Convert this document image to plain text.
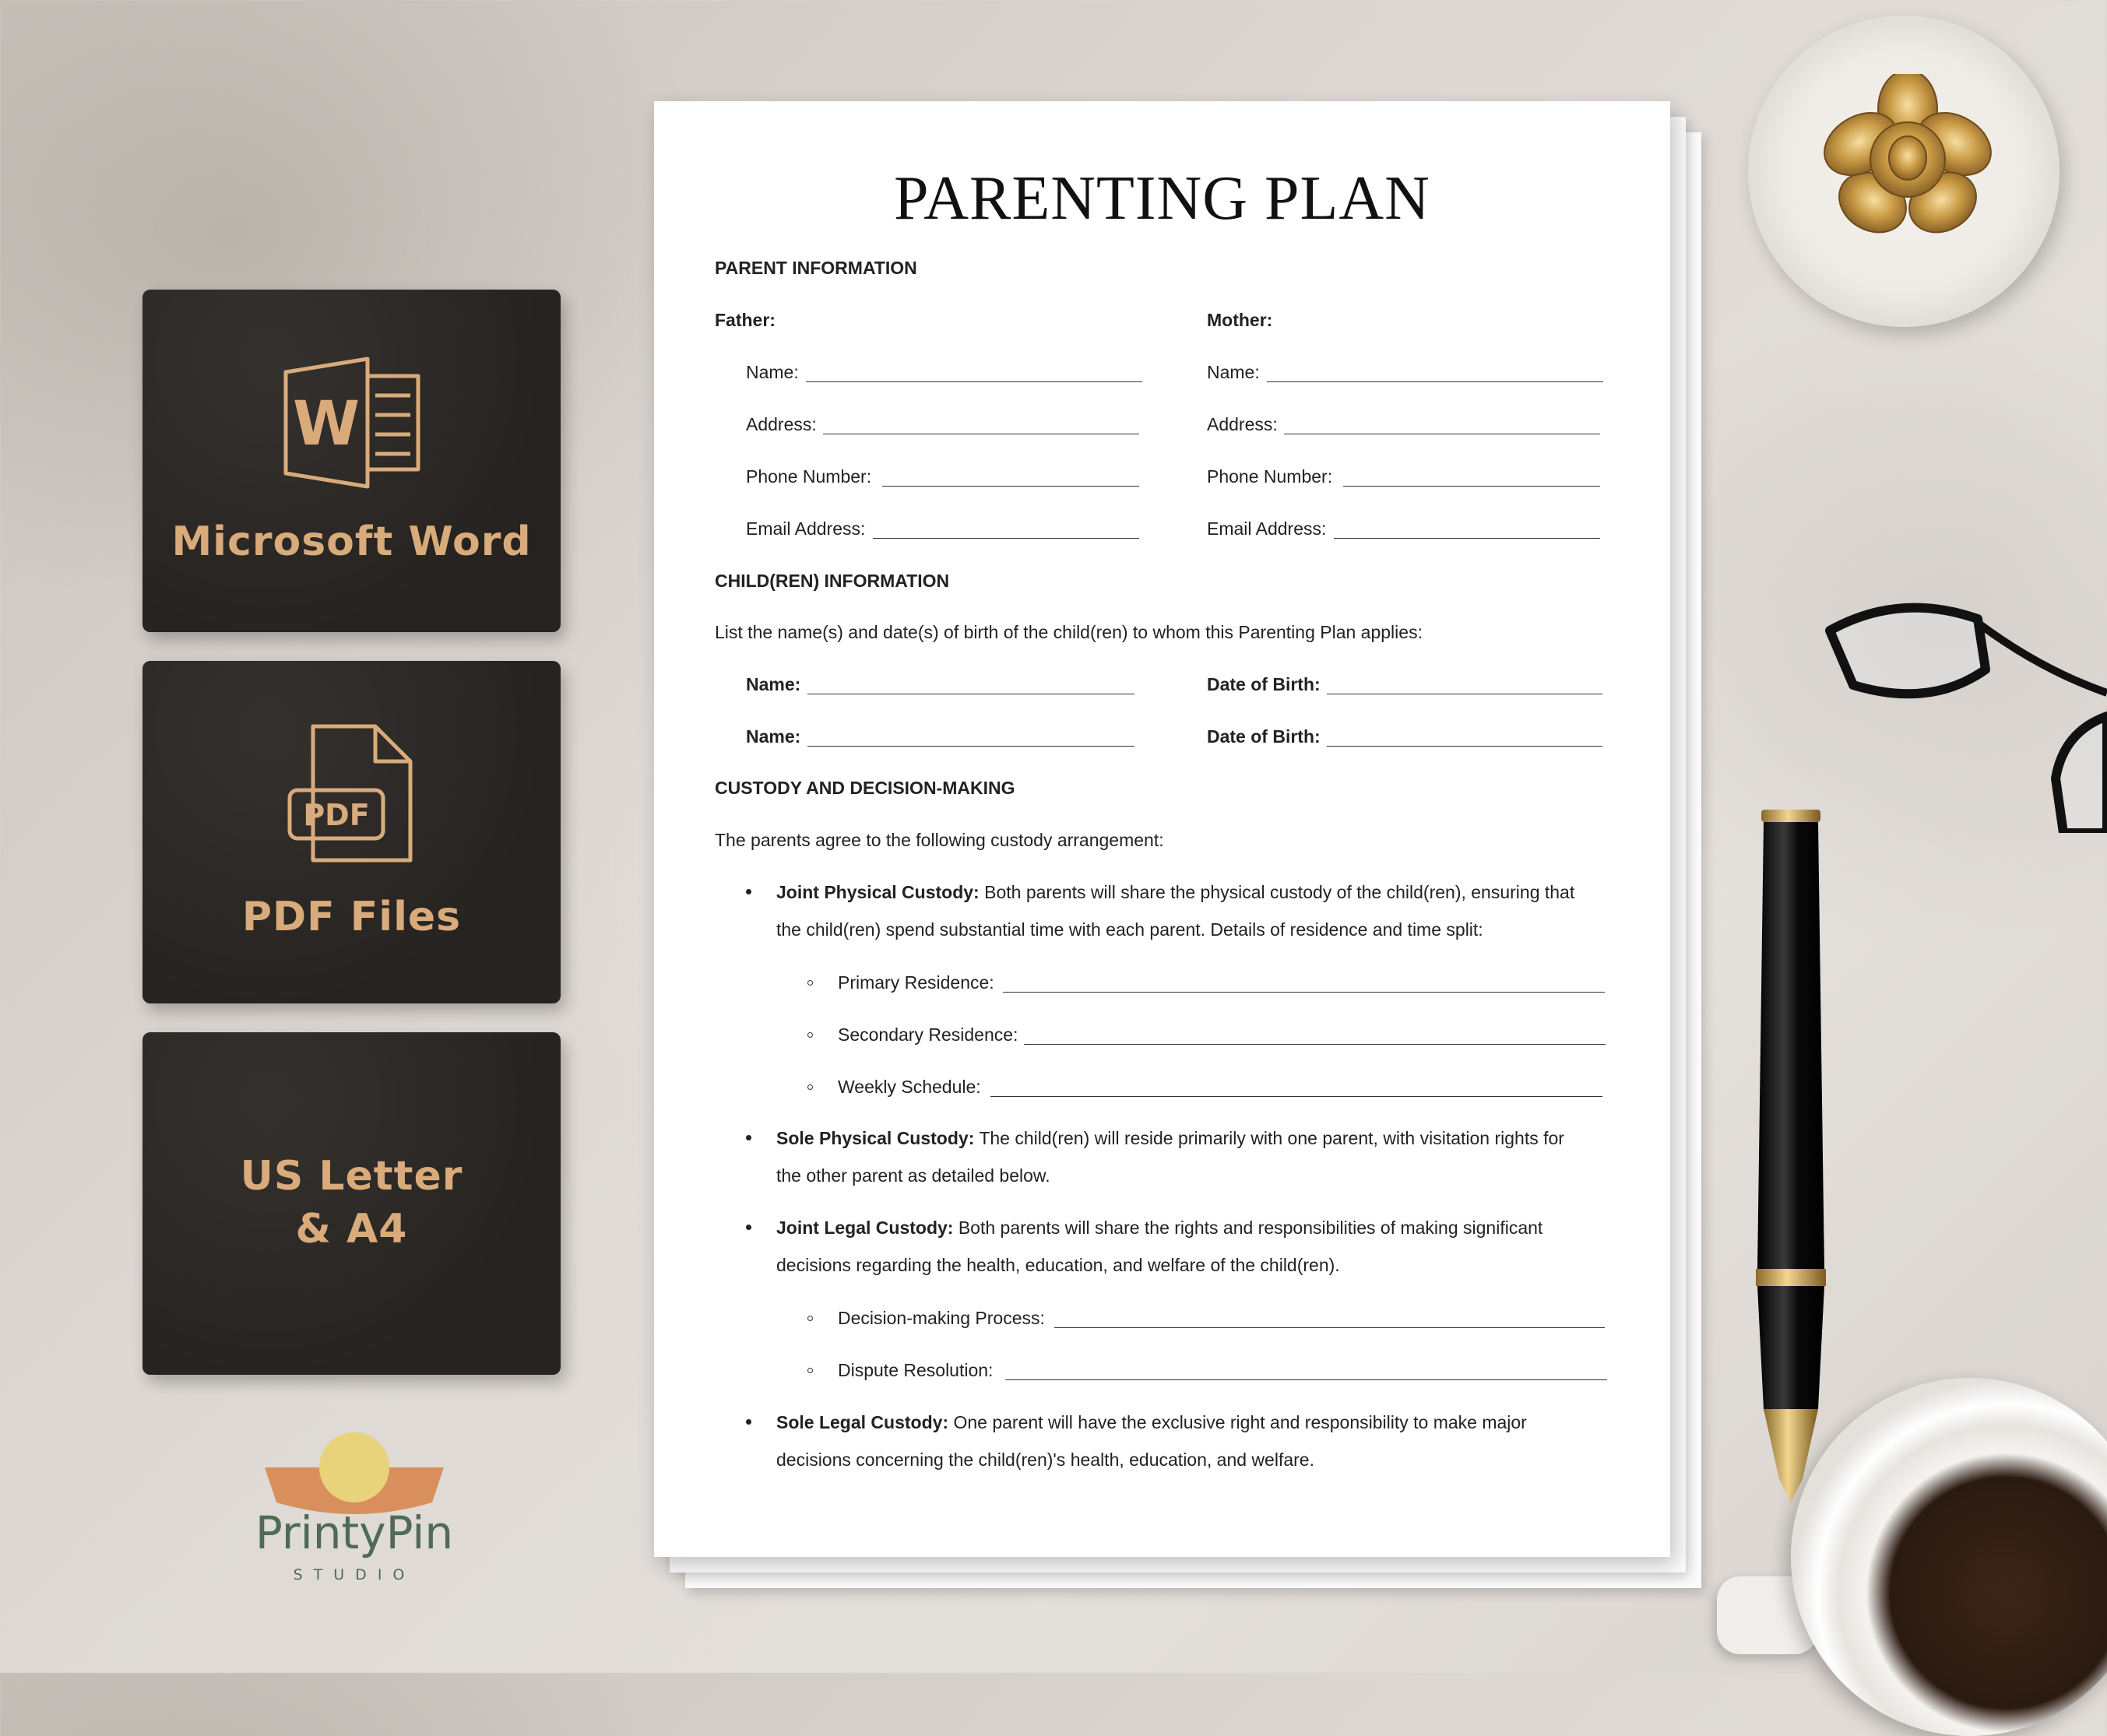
W
Microsoft Word
PDF
PDF Files
US Letter
& A4
PrintyPin
STUDIO
PARENTING PLAN
PARENT INFORMATION
Father:	Mother:
Name:	Name:
Address:	Address:
Phone Number:	Phone Number:
Email Address:	Email Address:
CHILD(REN) INFORMATION
List the name(s) and date(s) of birth of the child(ren) to whom this Parenting Plan applies:
Name:	Date of Birth:
Name:	Date of Birth:
CUSTODY AND DECISION-MAKING
The parents agree to the following custody arrangement:
Joint Physical Custody: Both parents will share the physical custody of the child(ren), ensuring that
the child(ren) spend substantial time with each parent. Details of residence and time split:
Primary Residence:
Secondary Residence:
Weekly Schedule:
Sole Physical Custody: The child(ren) will reside primarily with one parent, with visitation rights for
the other parent as detailed below.
Joint Legal Custody: Both parents will share the rights and responsibilities of making significant
decisions regarding the health, education, and welfare of the child(ren).
Decision-making Process:
Dispute Resolution:
Sole Legal Custody: One parent will have the exclusive right and responsibility to make major
decisions concerning the child(ren)'s health, education, and welfare.
